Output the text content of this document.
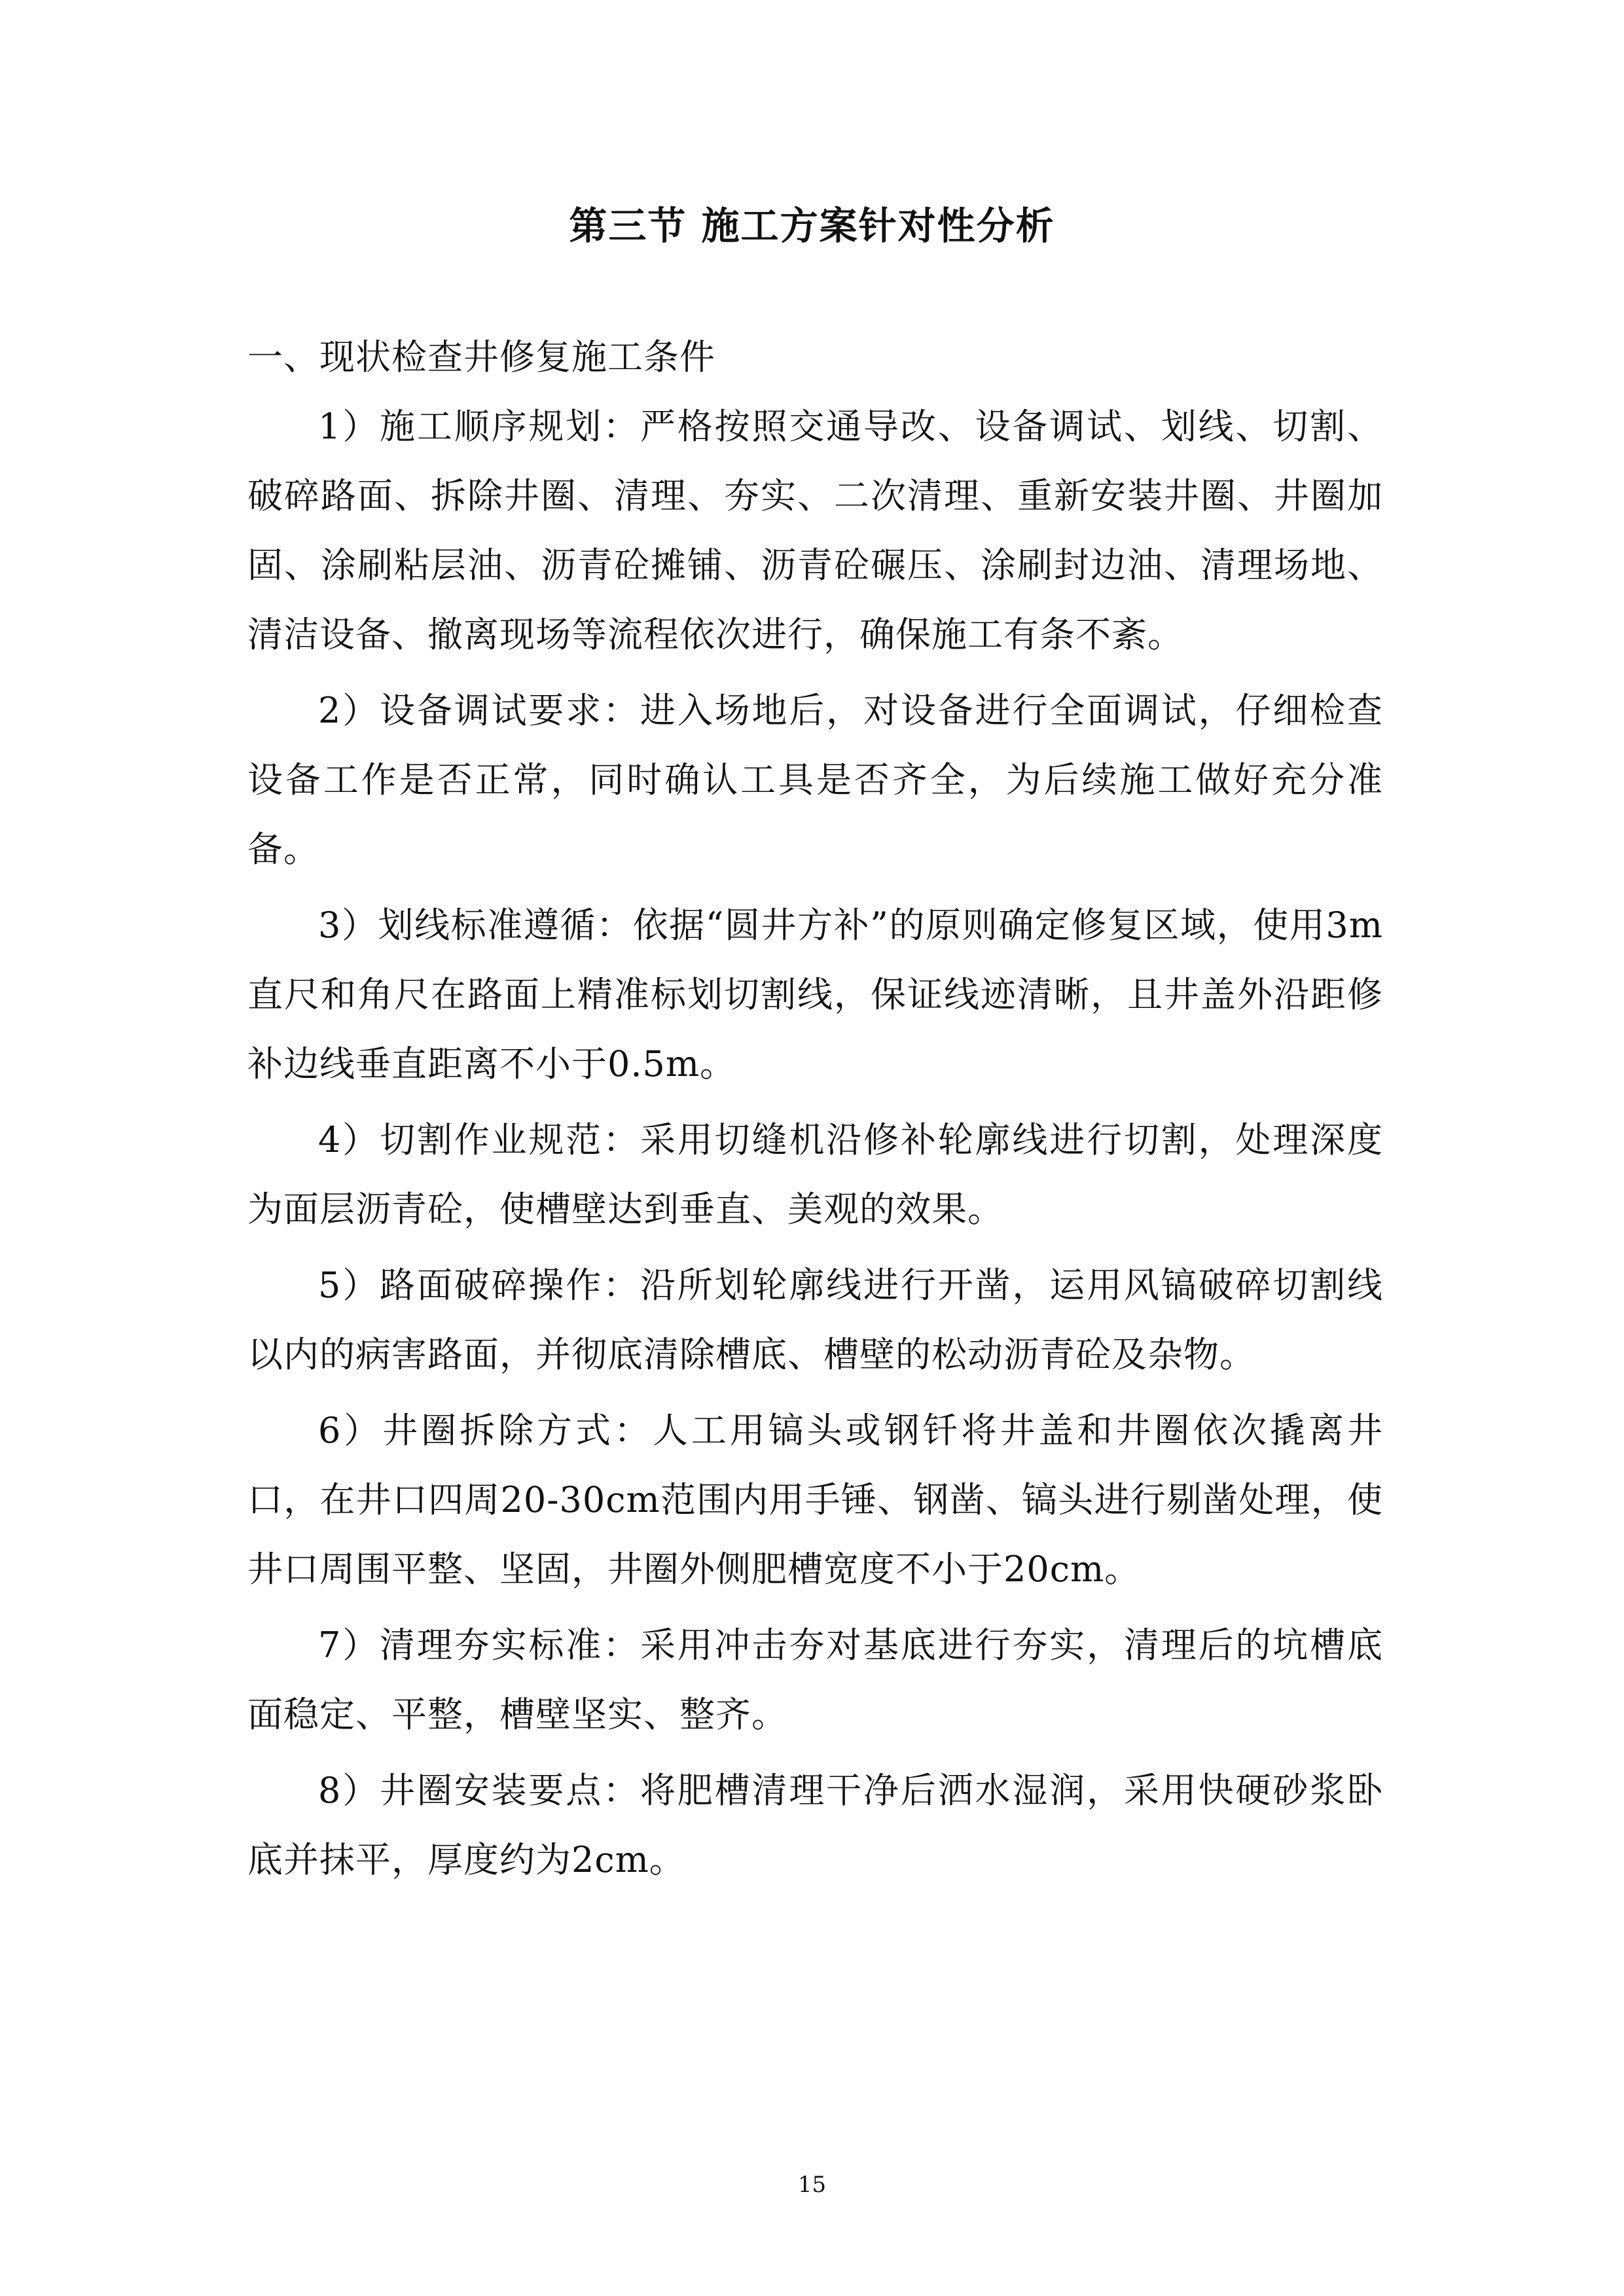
第三节 施工方案针对性分析

一、现状检查井修复施工条件

1）施工顺序规划：严格按照交通导改、设备调试、划线、切割、破碎路面、拆除井圈、清理、夯实、二次清理、重新安装井圈、井圈加固、涂刷粘层油、沥青砼摊铺、沥青砼碾压、涂刷封边油、清理场地、清洁设备、撤离现场等流程依次进行，确保施工有条不紊。

2）设备调试要求：进入场地后，对设备进行全面调试，仔细检查设备工作是否正常，同时确认工具是否齐全，为后续施工做好充分准备。

3）划线标准遵循：依据“圆井方补”的原则确定修复区域，使用3m直尺和角尺在路面上精准标划切割线，保证线迹清晰，且井盖外沿距修补边线垂直距离不小于0.5m。

4）切割作业规范：采用切缝机沿修补轮廓线进行切割，处理深度为面层沥青砼，使槽壁达到垂直、美观的效果。

5）路面破碎操作：沿所划轮廓线进行开凿，运用风镐破碎切割线以内的病害路面，并彻底清除槽底、槽壁的松动沥青砼及杂物。

6）井圈拆除方式：人工用镐头或钢钎将井盖和井圈依次撬离井口，在井口四周20-30cm范围内用手锤、钢凿、镐头进行剔凿处理，使井口周围平整、坚固，井圈外侧肥槽宽度不小于20cm。

7）清理夯实标准：采用冲击夯对基底进行夯实，清理后的坑槽底面稳定、平整，槽壁坚实、整齐。

8）井圈安装要点：将肥槽清理干净后洒水湿润，采用快硬砂浆卧底并抹平，厚度约为2cm。

15
